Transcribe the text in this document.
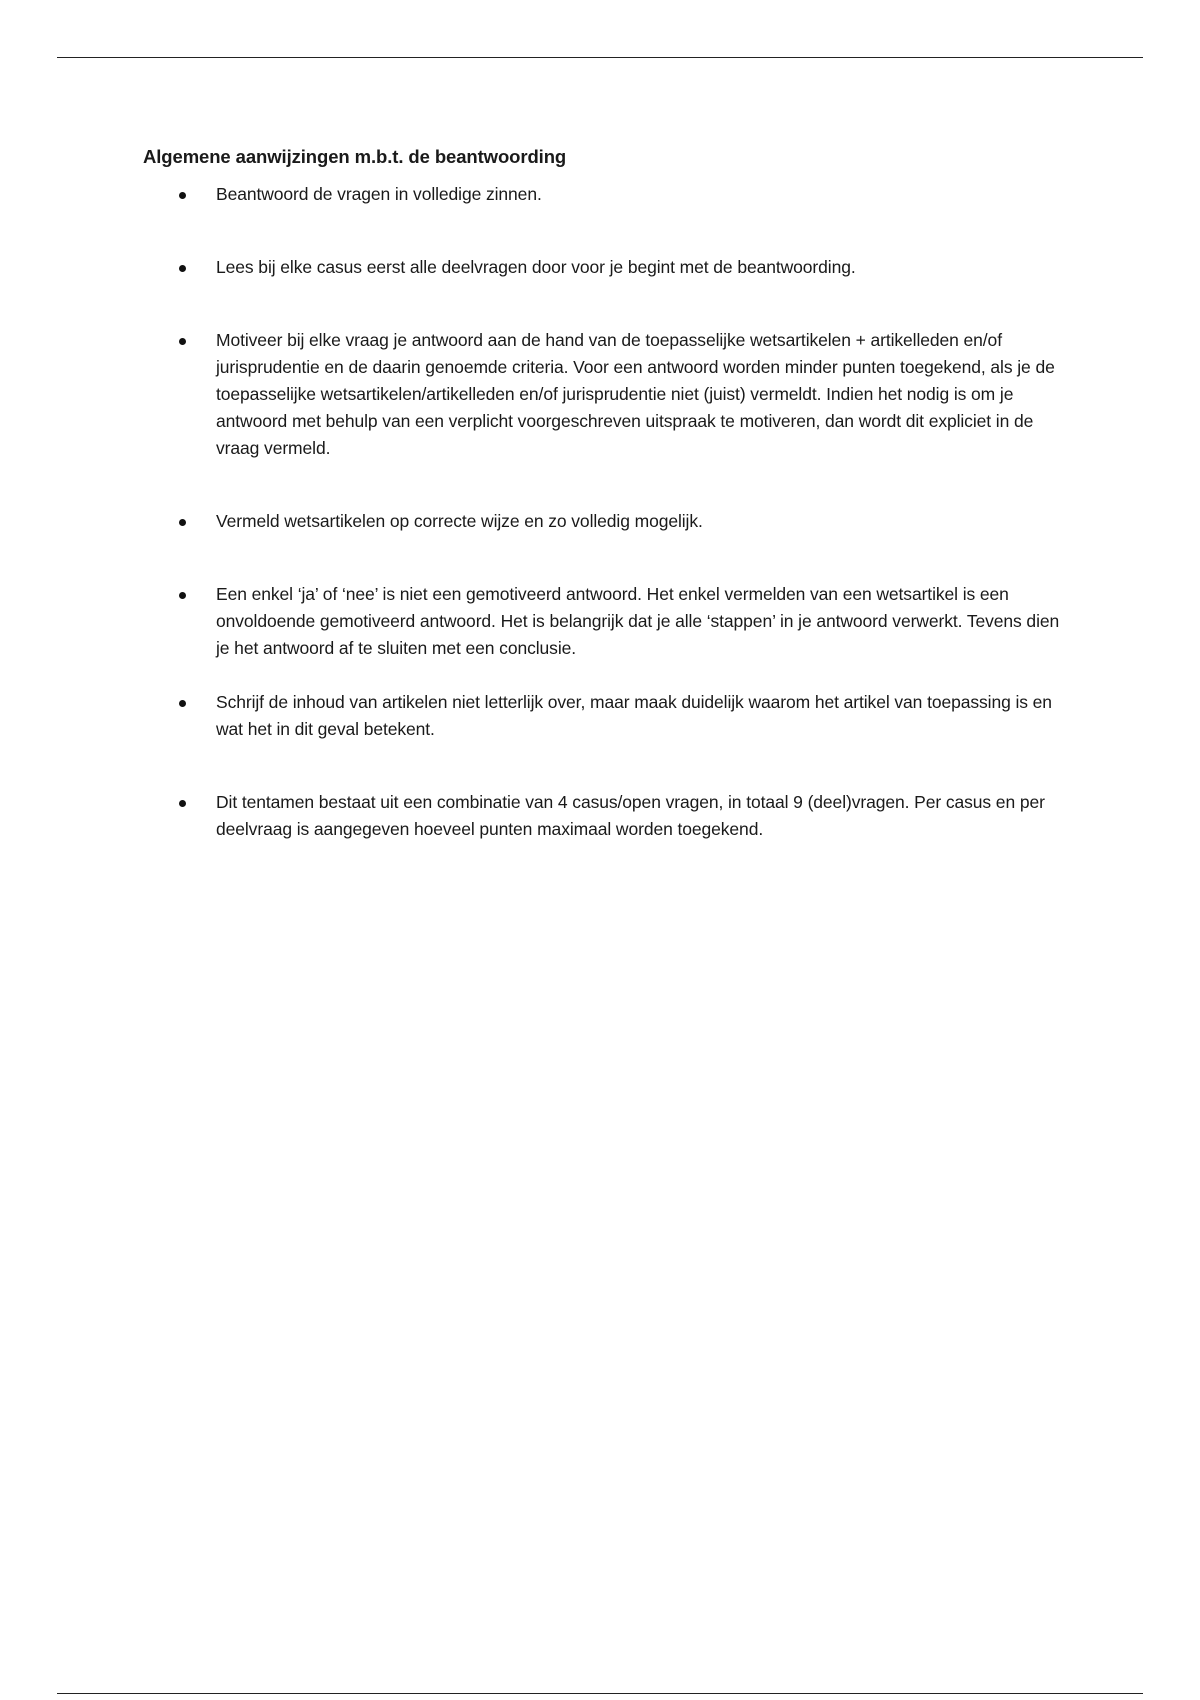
Algemene aanwijzingen m.b.t. de beantwoording
Beantwoord de vragen in volledige zinnen.
Lees bij elke casus eerst alle deelvragen door voor je begint met de beantwoording.
Motiveer bij elke vraag je antwoord aan de hand van de toepasselijke wetsartikelen + artikelleden en/of jurisprudentie en de daarin genoemde criteria. Voor een antwoord worden minder punten toegekend, als je de toepasselijke wetsartikelen/artikelleden en/of jurisprudentie niet (juist) vermeldt. Indien het nodig is om je antwoord met behulp van een verplicht voorgeschreven uitspraak te motiveren, dan wordt dit expliciet in de vraag vermeld.
Vermeld wetsartikelen op correcte wijze en zo volledig mogelijk.
Een enkel ‘ja’ of ‘nee’ is niet een gemotiveerd antwoord. Het enkel vermelden van een wetsartikel is een onvoldoende gemotiveerd antwoord. Het is belangrijk dat je alle ‘stappen’ in je antwoord verwerkt. Tevens dien je het antwoord af te sluiten met een conclusie.
Schrijf de inhoud van artikelen niet letterlijk over, maar maak duidelijk waarom het artikel van toepassing is en wat het in dit geval betekent.
Dit tentamen bestaat uit een combinatie van 4 casus/open vragen, in totaal 9 (deel)vragen. Per casus en per deelvraag is aangegeven hoeveel punten maximaal worden toegekend.
